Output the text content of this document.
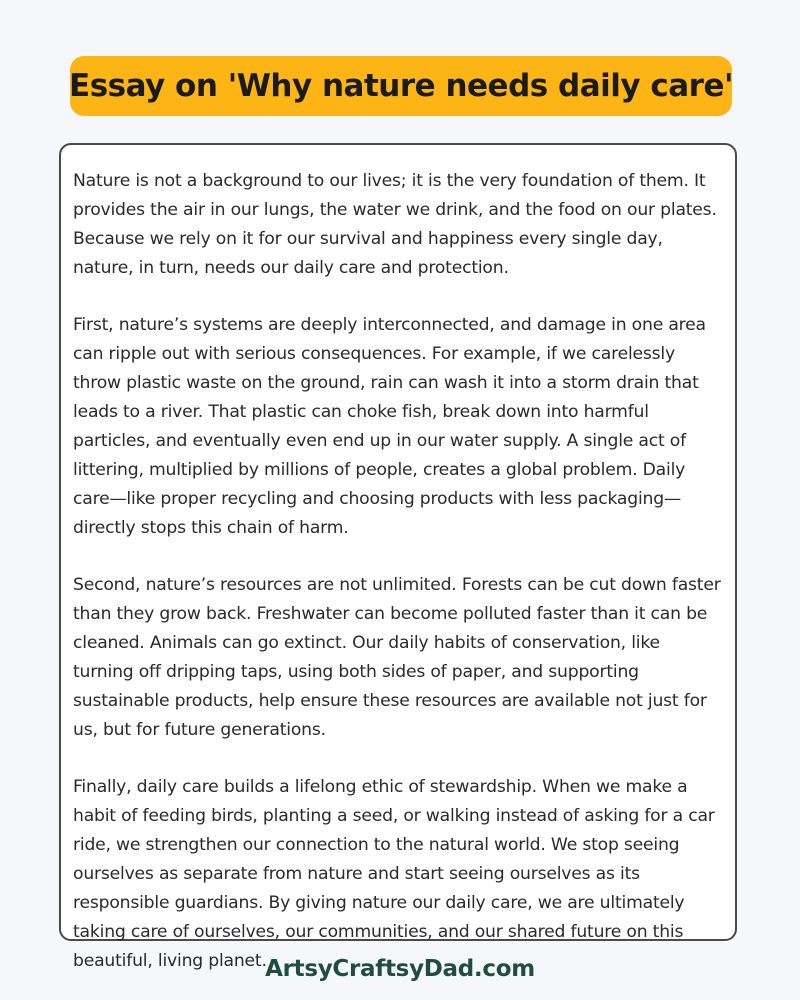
Essay on 'Why nature needs daily care'

Nature is not a background to our lives; it is the very foundation of them. It provides the air in our lungs, the water we drink, and the food on our plates. Because we rely on it for our survival and happiness every single day, nature, in turn, needs our daily care and protection.

First, nature’s systems are deeply interconnected, and damage in one area can ripple out with serious consequences. For example, if we carelessly throw plastic waste on the ground, rain can wash it into a storm drain that leads to a river. That plastic can choke fish, break down into harmful particles, and eventually even end up in our water supply. A single act of littering, multiplied by millions of people, creates a global problem. Daily care—like proper recycling and choosing products with less packaging—directly stops this chain of harm.

Second, nature’s resources are not unlimited. Forests can be cut down faster than they grow back. Freshwater can become polluted faster than it can be cleaned. Animals can go extinct. Our daily habits of conservation, like turning off dripping taps, using both sides of paper, and supporting sustainable products, help ensure these resources are available not just for us, but for future generations.

Finally, daily care builds a lifelong ethic of stewardship. When we make a habit of feeding birds, planting a seed, or walking instead of asking for a car ride, we strengthen our connection to the natural world. We stop seeing ourselves as separate from nature and start seeing ourselves as its responsible guardians. By giving nature our daily care, we are ultimately taking care of ourselves, our communities, and our shared future on this beautiful, living planet.

ArtsyCraftsyDad.com
